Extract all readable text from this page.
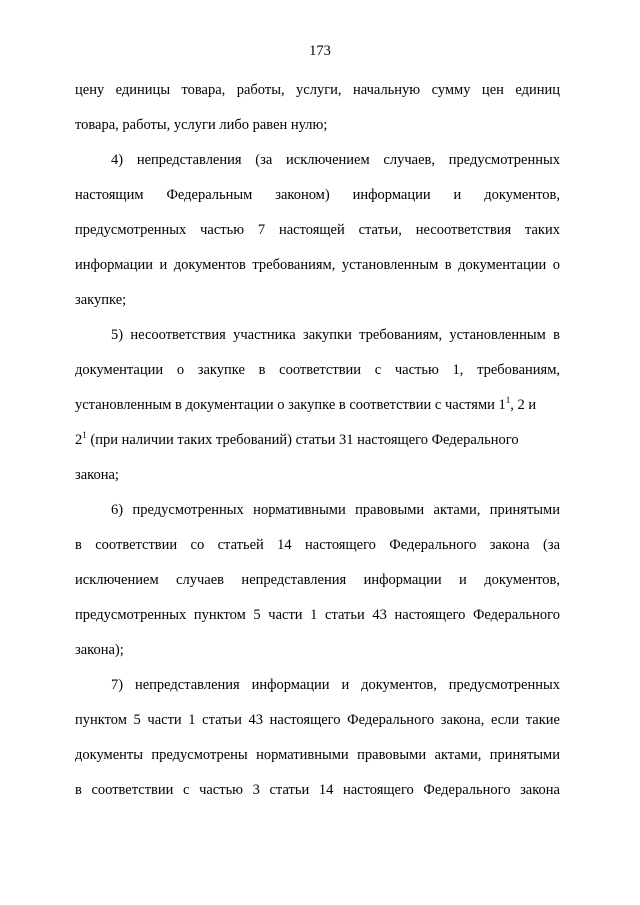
173
цену единицы товара, работы, услуги, начальную сумму цен единиц
товара, работы, услуги либо равен нулю;
4) непредставления (за исключением случаев, предусмотренных
настоящим Федеральным законом) информации и документов,
предусмотренных частью 7 настоящей статьи, несоответствия таких
информации и документов требованиям, установленным в документации о
закупке;
5) несоответствия участника закупки требованиям, установленным в
документации о закупке в соответствии с частью 1, требованиям,
установленным в документации о закупке в соответствии с частями $1^1$, 2 и
$2^1$ (при наличии таких требований) статьи 31 настоящего Федерального
закона;
6) предусмотренных нормативными правовыми актами, принятыми
в соответствии со статьей 14 настоящего Федерального закона (за
исключением случаев непредставления информации и документов,
предусмотренных пунктом 5 части 1 статьи 43 настоящего Федерального
закона);
7) непредставления информации и документов, предусмотренных
пунктом 5 части 1 статьи 43 настоящего Федерального закона, если такие
документы предусмотрены нормативными правовыми актами, принятыми
в соответствии с частью 3 статьи 14 настоящего Федерального закона
